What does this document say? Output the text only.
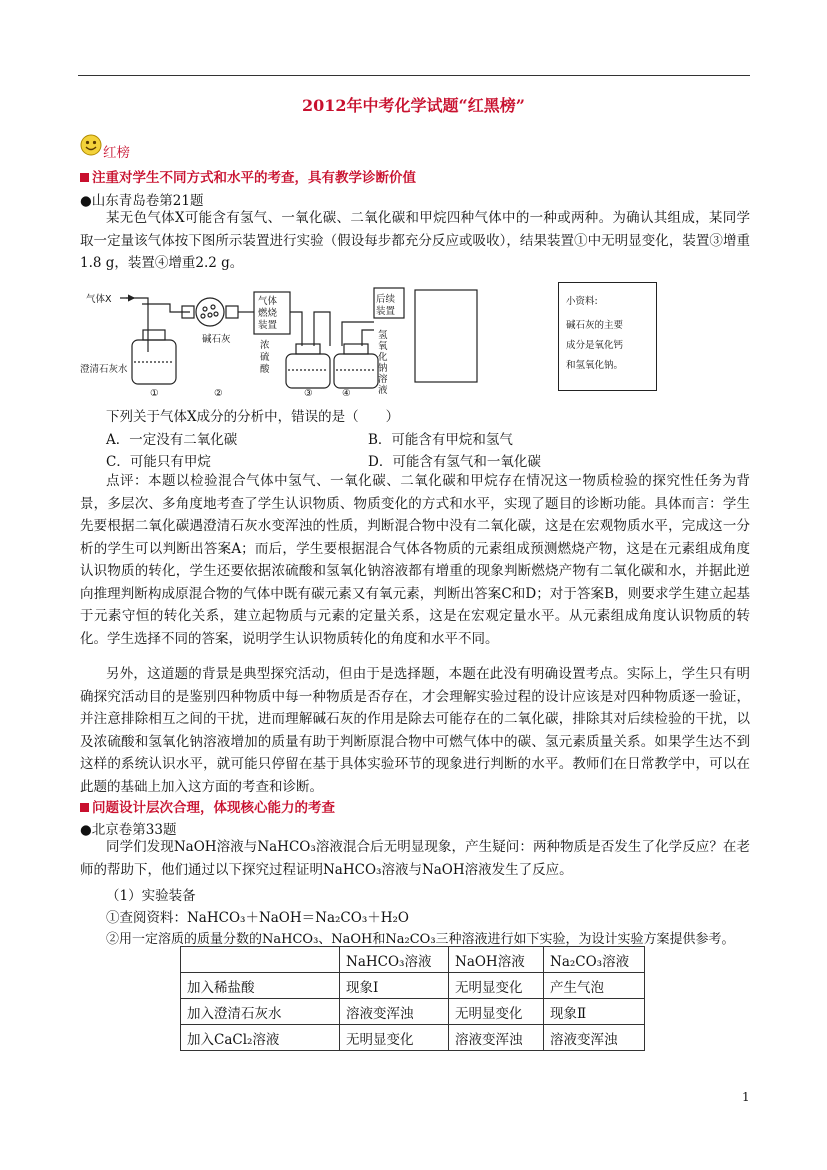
2012年中考化学试题“红黑榜”
红榜
注重对学生不同方式和水平的考查，具有教学诊断价值
●山东青岛卷第21题
某无色气体X可能含有氢气、一氧化碳、二氧化碳和甲烷四种气体中的一种或两种。为确认其组成，某同学取一定量该气体按下图所示装置进行实验（假设每步都充分反应或吸收），结果装置①中无明显变化，装置③增重1.8 g，装置④增重2.2 g。
气体X
碱石灰
气体
燃烧
装置
后续
装置
澄清石灰水
浓
硫
酸
氢
氧
化
钠
溶
液
①	②	③	④
小资料:
碱石灰的主要
成分是氧化钙
和氢氧化钠。
下列关于气体X成分的分析中，错误的是（　　）
A．一定没有二氧化碳	B．可能含有甲烷和氢气
C．可能只有甲烷	D．可能含有氢气和一氧化碳
点评：本题以检验混合气体中氢气、一氧化碳、二氧化碳和甲烷存在情况这一物质检验的探究性任务为背景，多层次、多角度地考查了学生认识物质、物质变化的方式和水平，实现了题目的诊断功能。具体而言：学生先要根据二氧化碳遇澄清石灰水变浑浊的性质，判断混合物中没有二氧化碳，这是在宏观物质水平，完成这一分析的学生可以判断出答案A；而后，学生要根据混合气体各物质的元素组成预测燃烧产物，这是在元素组成角度认识物质的转化，学生还要依据浓硫酸和氢氧化钠溶液都有增重的现象判断燃烧产物有二氧化碳和水，并据此逆向推理判断构成原混合物的气体中既有碳元素又有氧元素，判断出答案C和D；对于答案B，则要求学生建立起基于元素守恒的转化关系，建立起物质与元素的定量关系，这是在宏观定量水平。从元素组成角度认识物质的转化。学生选择不同的答案，说明学生认识物质转化的角度和水平不同。
另外，这道题的背景是典型探究活动，但由于是选择题，本题在此没有明确设置考点。实际上，学生只有明确探究活动目的是鉴别四种物质中每一种物质是否存在，才会理解实验过程的设计应该是对四种物质逐一验证，并注意排除相互之间的干扰，进而理解碱石灰的作用是除去可能存在的二氧化碳，排除其对后续检验的干扰，以及浓硫酸和氢氧化钠溶液增加的质量有助于判断原混合物中可燃气体中的碳、氢元素质量关系。如果学生达不到这样的系统认识水平，就可能只停留在基于具体实验环节的现象进行判断的水平。教师们在日常教学中，可以在此题的基础上加入这方面的考查和诊断。
问题设计层次合理，体现核心能力的考查
●北京卷第33题
同学们发现NaOH溶液与NaHCO₃溶液混合后无明显现象，产生疑问：两种物质是否发生了化学反应？在老师的帮助下，他们通过以下探究过程证明NaHCO₃溶液与NaOH溶液发生了反应。
（1）实验装备
①查阅资料：NaHCO₃＋NaOH＝Na₂CO₃＋H₂O
②用一定溶质的质量分数的NaHCO₃、NaOH和Na₂CO₃三种溶液进行如下实验，为设计实验方案提供参考。
	NaHCO₃溶液	NaOH溶液	Na₂CO₃溶液
加入稀盐酸	现象Ⅰ	无明显变化	产生气泡
加入澄清石灰水	溶液变浑浊	无明显变化	现象Ⅱ
加入CaCl₂溶液	无明显变化	溶液变浑浊	溶液变浑浊
1
